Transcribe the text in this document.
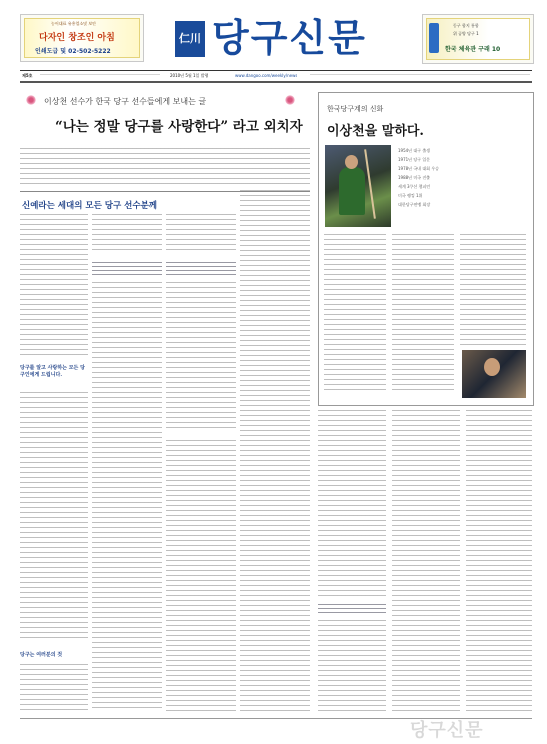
농어대표 유흥업소및 보안
다자인 창조인 아침
인쇄도급 및 02-502-5222
동구 합지 통합
위 공양 당구 1
한국 체육관 구래 10
仁川 당구신문
제5호	2010년 5월 1일 발행	www.dangoo.com/weekly/news
이상천 선수가 한국 당구 선수들에게 보내는 글
“나는 정말 당구를 사랑한다” 라고 외치자
신예라는 세대의 모든 당구 선수분께
당구를 알고 사랑하는 모든 당구인에게 드립니다.
당구는 여러분의 것
한국당구계의 신화
이상천을 말하다.
1954년 대구 출생
1971년 당구 입문
1978년 국내 대회 우승
1988년 미국 진출
세계 3쿠션 챔피언
미국 랭킹 1위
대한당구연맹 회장
당구신문
